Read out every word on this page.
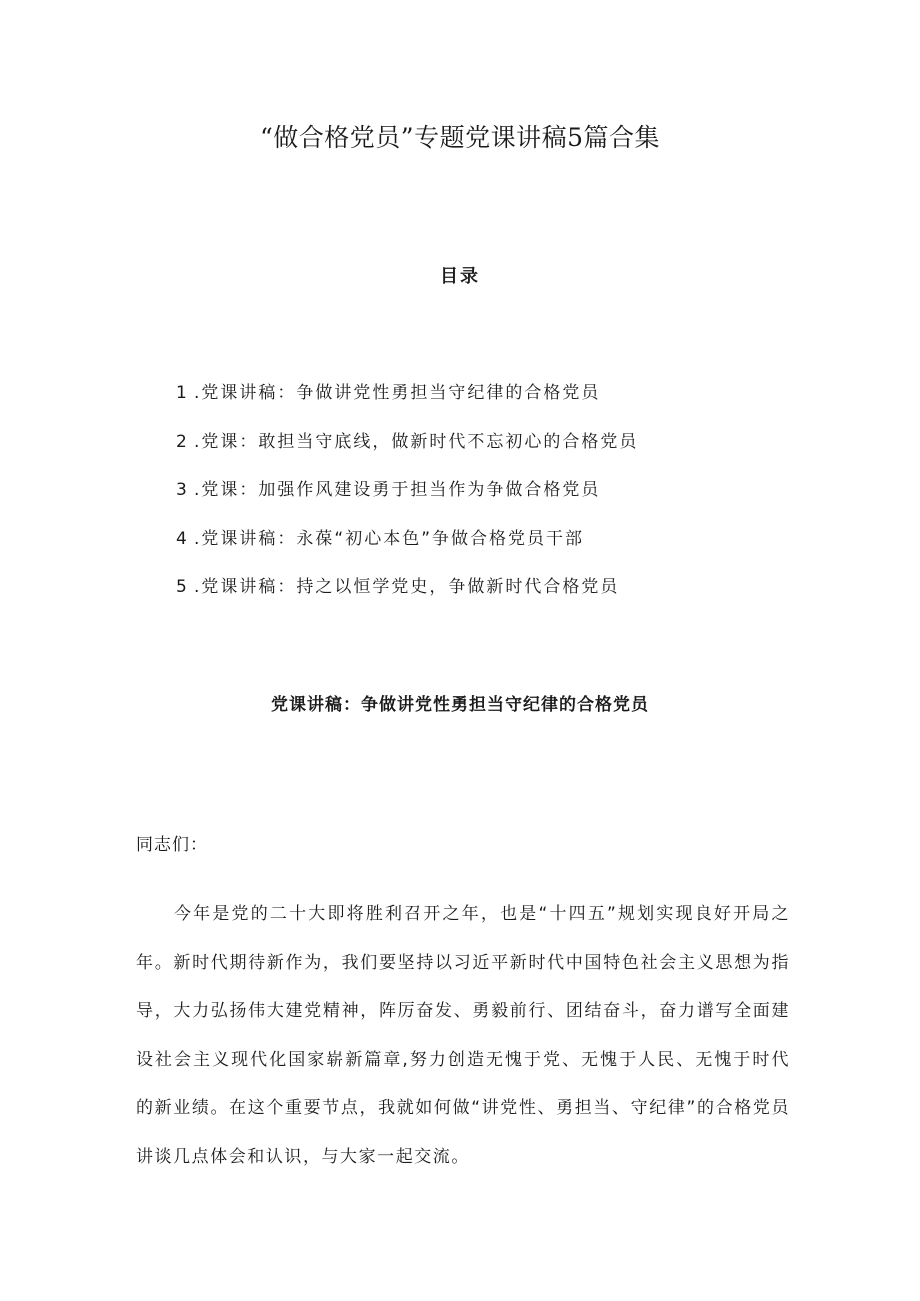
“做合格党员”专题党课讲稿5篇合集
目录
1 .党课讲稿：争做讲党性勇担当守纪律的合格党员
2 .党课：敢担当守底线，做新时代不忘初心的合格党员
3 .党课：加强作风建设勇于担当作为争做合格党员
4 .党课讲稿：永葆“初心本色”争做合格党员干部
5 .党课讲稿：持之以恒学党史，争做新时代合格党员
党课讲稿：争做讲党性勇担当守纪律的合格党员
同志们：

今年是党的二十大即将胜利召开之年，也是“十四五”规划实现良好开局之年。新时代期待新作为，我们要坚持以习近平新时代中国特色社会主义思想为指导，大力弘扬伟大建党精神，阵厉奋发、勇毅前行、团结奋斗，奋力谱写全面建设社会主义现代化国家崭新篇章,努力创造无愧于党、无愧于人民、无愧于时代的新业绩。在这个重要节点，我就如何做“讲党性、勇担当、守纪律”的合格党员讲谈几点体会和认识，与大家一起交流。
